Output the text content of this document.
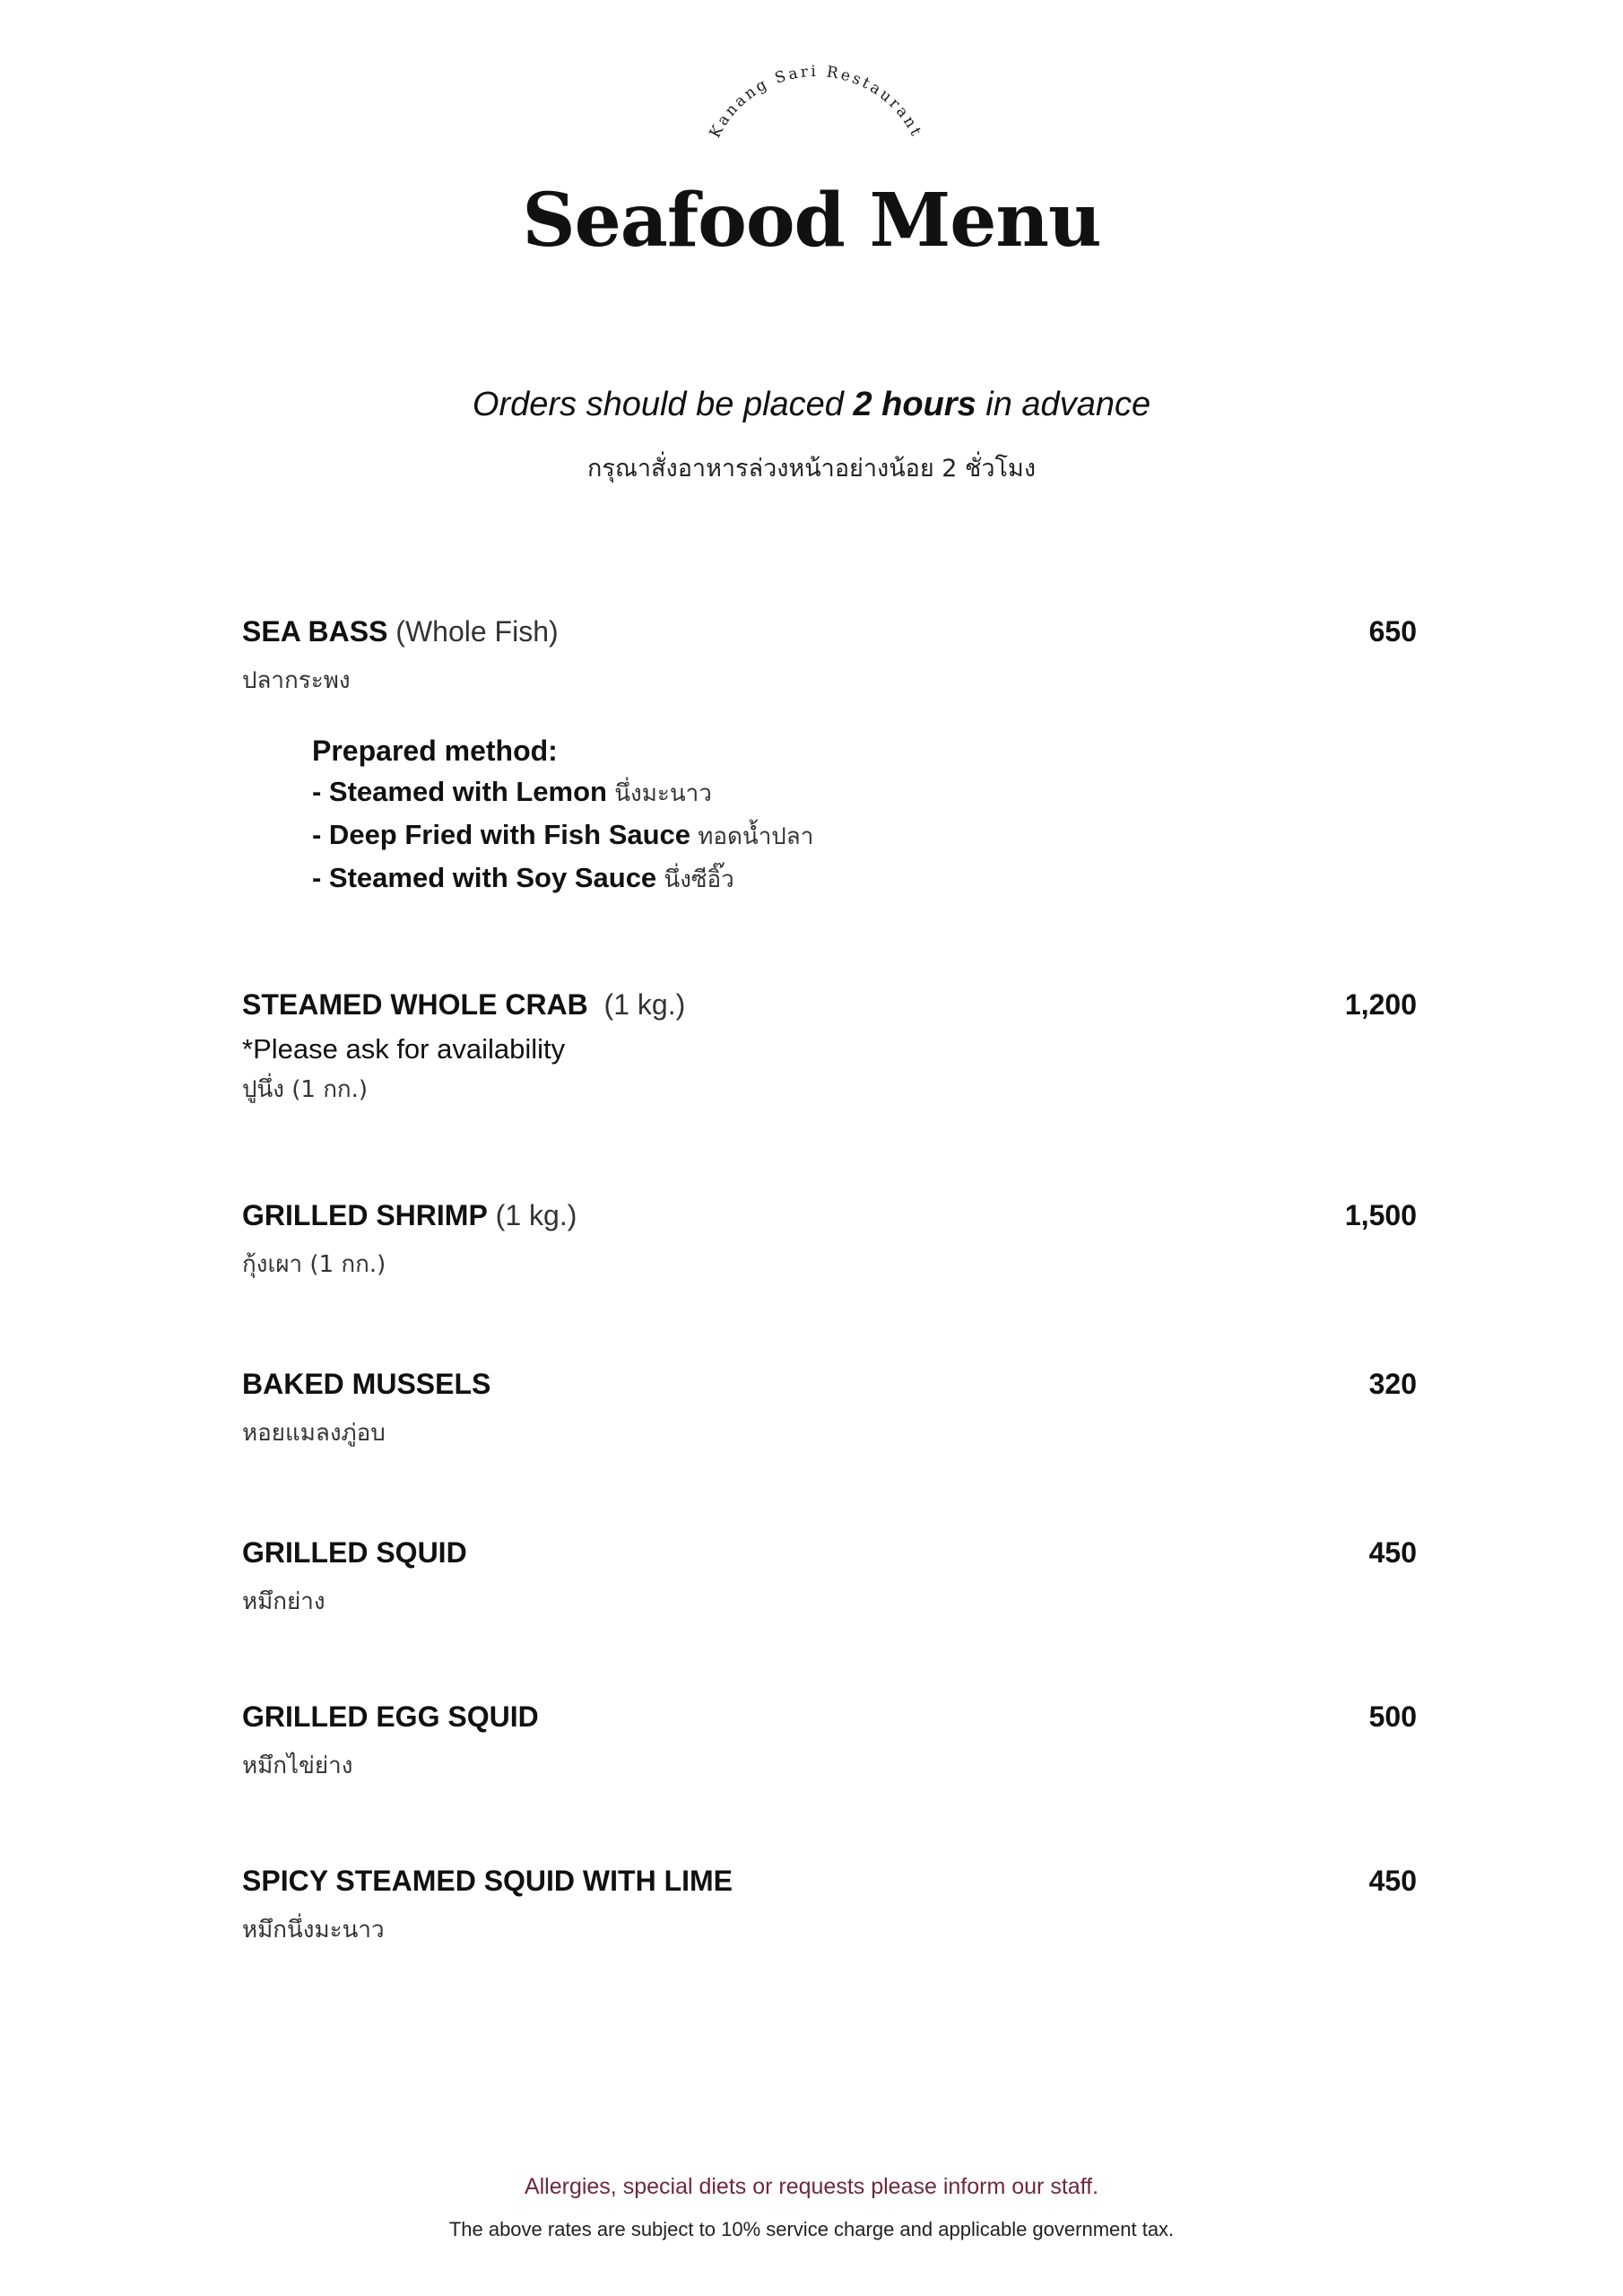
Kanang Sari Restaurant
Seafood Menu
Orders should be placed 2 hours in advance
กรุณาสั่งอาหารล่วงหน้าอย่างน้อย 2 ชั่วโมง
SEA BASS (Whole Fish)	650
ปลากระพง
Prepared method:
- Steamed with Lemon นึ่งมะนาว
- Deep Fried with Fish Sauce ทอดน้ำปลา
- Steamed with Soy Sauce นึ่งซีอิ๊ว
STEAMED WHOLE CRAB  (1 kg.)	1,200
*Please ask for availability
ปูนึ่ง (1 กก.)
GRILLED SHRIMP (1 kg.)	1,500
กุ้งเผา (1 กก.)
BAKED MUSSELS	320
หอยแมลงภู่อบ
GRILLED SQUID	450
หมึกย่าง
GRILLED EGG SQUID	500
หมึกไข่ย่าง
SPICY STEAMED SQUID WITH LIME	450
หมึกนึ่งมะนาว
Allergies, special diets or requests please inform our staff.
The above rates are subject to 10% service charge and applicable government tax.
